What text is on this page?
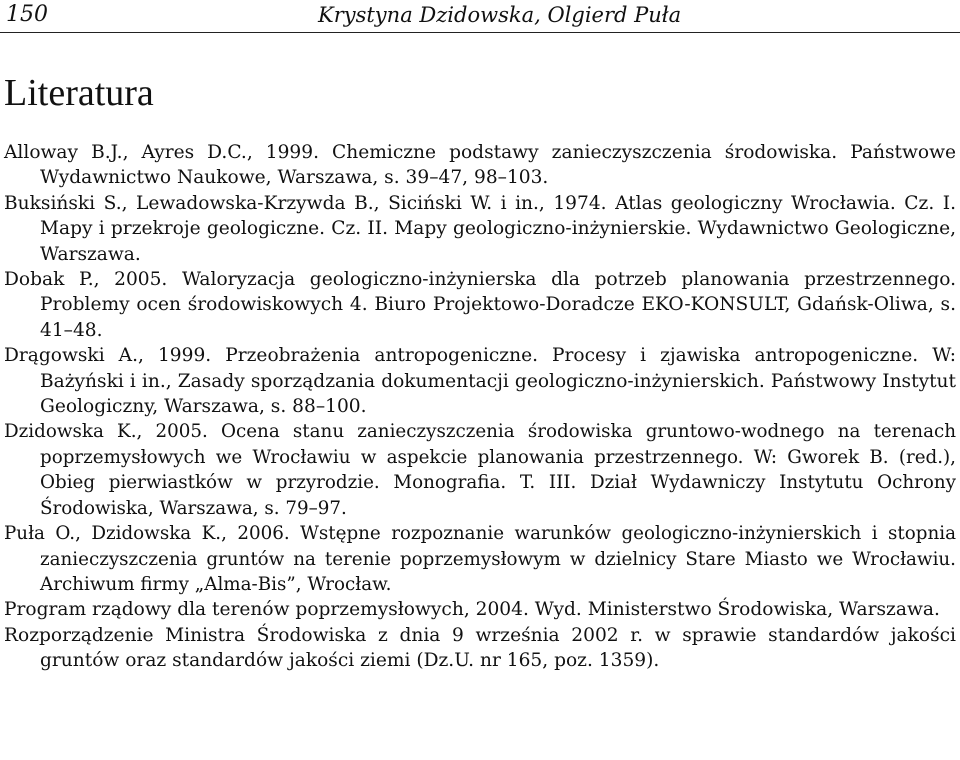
150	Krystyna Dzidowska, Olgierd Puła
Literatura
Alloway B.J., Ayres D.C., 1999. Chemiczne podstawy zanieczyszczenia środowiska. Państwowe Wydawnictwo Naukowe, Warszawa, s. 39–47, 98–103.
Buksiński S., Lewadowska-Krzywda B., Siciński W. i in., 1974. Atlas geologiczny Wrocławia. Cz. I. Mapy i przekroje geologiczne. Cz. II. Mapy geologiczno-inżynierskie. Wydawnictwo Geologiczne, Warszawa.
Dobak P., 2005. Waloryzacja geologiczno-inżynierska dla potrzeb planowania przestrzennego. Problemy ocen środowiskowych 4. Biuro Projektowo-Doradcze EKO-KONSULT, Gdańsk-Oliwa, s. 41–48.
Drągowski A., 1999. Przeobrażenia antropogeniczne. Procesy i zjawiska antropogeniczne. W: Bażyński i in., Zasady sporządzania dokumentacji geologiczno-inżynierskich. Państwowy Instytut Geologiczny, Warszawa, s. 88–100.
Dzidowska K., 2005. Ocena stanu zanieczyszczenia środowiska gruntowo-wodnego na terenach poprzemysłowych we Wrocławiu w aspekcie planowania przestrzennego. W: Gworek B. (red.), Obieg pierwiastków w przyrodzie. Monografia. T. III. Dział Wydawniczy Instytutu Ochrony Środowiska, Warszawa, s. 79–97.
Puła O., Dzidowska K., 2006. Wstępne rozpoznanie warunków geologiczno-inżynierskich i stopnia zanieczyszczenia gruntów na terenie poprzemysłowym w dzielnicy Stare Miasto we Wrocławiu. Archiwum firmy „Alma-Bis”, Wrocław.
Program rządowy dla terenów poprzemysłowych, 2004. Wyd. Ministerstwo Środowiska, Warszawa.
Rozporządzenie Ministra Środowiska z dnia 9 września 2002 r. w sprawie standardów jakości gruntów oraz standardów jakości ziemi (Dz.U. nr 165, poz. 1359).
